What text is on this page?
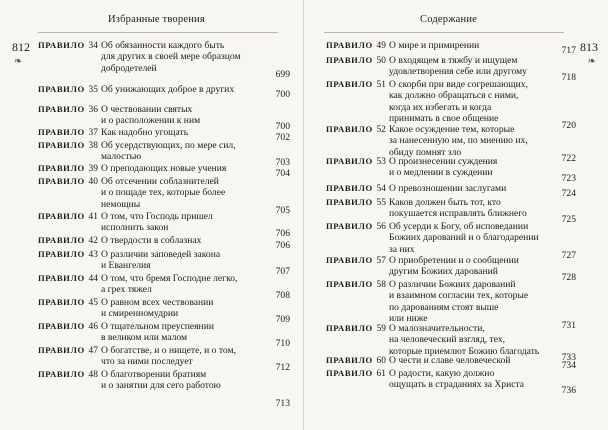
Избранные творения
812
❧
ПРАВИЛО 34 Об обязанности каждого быть
для других в своей мере образцом
добродетелей
699
ПРАВИЛО 35 Об унижающих доброе в других	700
ПРАВИЛО 36 О чествовании святых
и о расположении к ним
700
ПРАВИЛО 37 Как надобно угощать	702
ПРАВИЛО 38 Об усердствующих, по мере сил,
малостью
703
ПРАВИЛО 39 О преподающих новые учения	704
ПРАВИЛО 40 Об отсечении соблазнителей
и о пощаде тех, которые более
немощны
705
ПРАВИЛО 41 О том, что Господь пришел
исполнить закон
706
ПРАВИЛО 42 О твердости в соблазнах	706
ПРАВИЛО 43 О различии заповедей закона
и Евангелия
707
ПРАВИЛО 44 О том, что бремя Господне легко,
а грех тяжел
708
ПРАВИЛО 45 О равном всех чествовании
и смиренномудрии
709
ПРАВИЛО 46 О тщательном преуспеянии
в великом или малом
710
ПРАВИЛО 47 О богатстве, и о нищете, и о том,
что за ними последует
712
ПРАВИЛО 48 О благотворении братиям
и о занятии для сего работою
713
Содержание
813
❧
ПРАВИЛО 49 О мире и примирении	717
ПРАВИЛО 50 О входящем в тяжбу и ищущем
удовлетворения себе или другому
718
ПРАВИЛО 51 О скорби при виде согрешающих,
как должно обращаться с ними,
когда их избегать и когда
принимать в свое общение
720
ПРАВИЛО 52 Какое осуждение тем, которые
за нанесенную им, по мнению их,
обиду помнят зло
722
ПРАВИЛО 53 О произнесении суждения
и о медлении в суждении
723
ПРАВИЛО 54 О превозношении заслугами	724
ПРАВИЛО 55 Каков должен быть тот, кто
покушается исправлять ближнего
725
ПРАВИЛО 56 Об усерди к Богу, об исповедании
Божиих дарований и о благодарении
за них
727
ПРАВИЛО 57 О приобретении и о сообщении
другим Божиих дарований
728
ПРАВИЛО 58 О различии Божиих дарований
и взаимном согласии тех, которые
по дарованиям стоят выше
или ниже
731
ПРАВИЛО 59 О малозначительности,
на человеческий взгляд, тех,
которые приемлют Божию благодать
733
ПРАВИЛО 60 О чести и славе человеческой	734
ПРАВИЛО 61 О радости, какую должно
ощущать в страданиях за Христа
736
